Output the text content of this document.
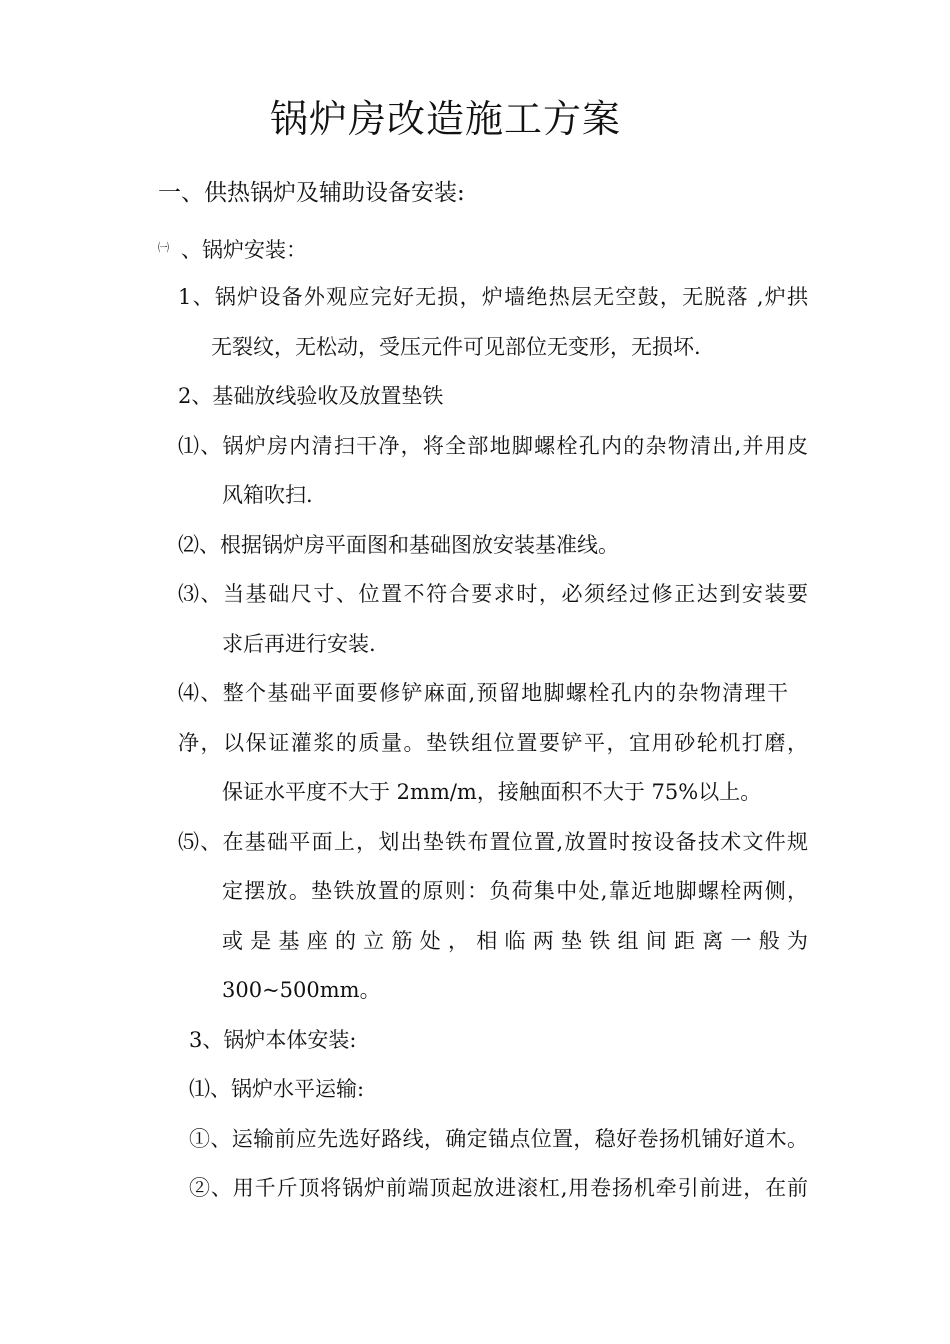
锅炉房改造施工方案
一、供热锅炉及辅助设备安装:
$^㈠$ 、锅炉安装：
1、锅炉设备外观应完好无损，炉墙绝热层无空鼓，无脱落 ,炉拱
无裂纹，无松动，受压元件可见部位无变形，无损坏.
2、基础放线验收及放置垫铁
⑴、锅炉房内清扫干净，将全部地脚螺栓孔内的杂物清出,并用皮
风箱吹扫.
⑵、根据锅炉房平面图和基础图放安装基准线。
⑶、当基础尺寸、位置不符合要求时，必须经过修正达到安装要
求后再进行安装.
⑷、整个基础平面要修铲麻面,预留地脚螺栓孔内的杂物清理干
净，以保证灌浆的质量。垫铁组位置要铲平，宜用砂轮机打磨，
保证水平度不大于 2mm/m，接触面积不大于 75%以上。
⑸、在基础平面上，划出垫铁布置位置,放置时按设备技术文件规
定摆放。垫铁放置的原则：负荷集中处,靠近地脚螺栓两侧，
或是基座的立筋处，相临两垫铁组间距离一般为
300~500mm。
3、锅炉本体安装:
⑴、锅炉水平运输:
①、运输前应先选好路线，确定锚点位置，稳好卷扬机铺好道木。
②、用千斤顶将锅炉前端顶起放进滚杠,用卷扬机牵引前进，在前
